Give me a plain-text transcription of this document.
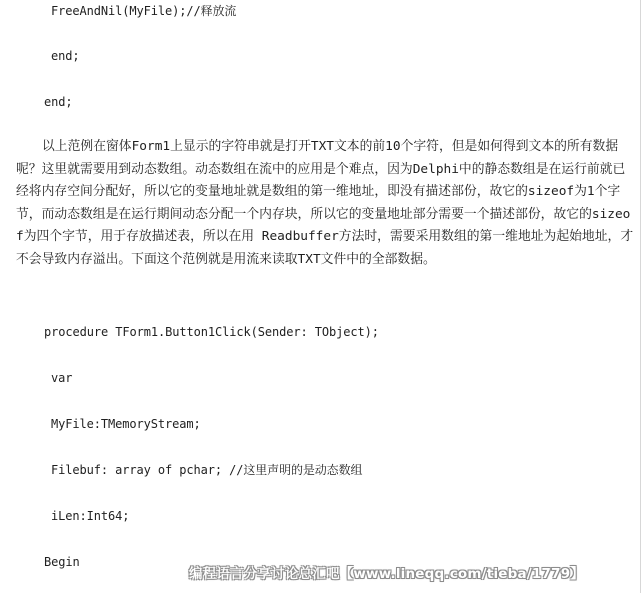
FreeAndNil(MyFile);//释放流
end;
end;
以上范例在窗体Form1上显示的字符串就是打开TXT文本的前10个字符，但是如何得到文本的所有数据呢？这里就需要用到动态数组。动态数组在流中的应用是个难点，因为Delphi中的静态数组是在运行前就已经将内存空间分配好，所以它的变量地址就是数组的第一维地址，即没有描述部份，故它的sizeof为1个字节，而动态数组是在运行期间动态分配一个内存块，所以它的变量地址部分需要一个描述部份，故它的sizeof为四个字节，用于存放描述表，所以在用 Readbuffer方法时，需要采用数组的第一维地址为起始地址，才不会导致内存溢出。下面这个范例就是用流来读取TXT文件中的全部数据。
procedure TForm1.Button1Click(Sender: TObject);
var
MyFile:TMemoryStream;
Filebuf: array of pchar; //这里声明的是动态数组
iLen:Int64;
Begin
编程语言分享讨论总汇吧【www.lineqq.com/tieba/1779】
